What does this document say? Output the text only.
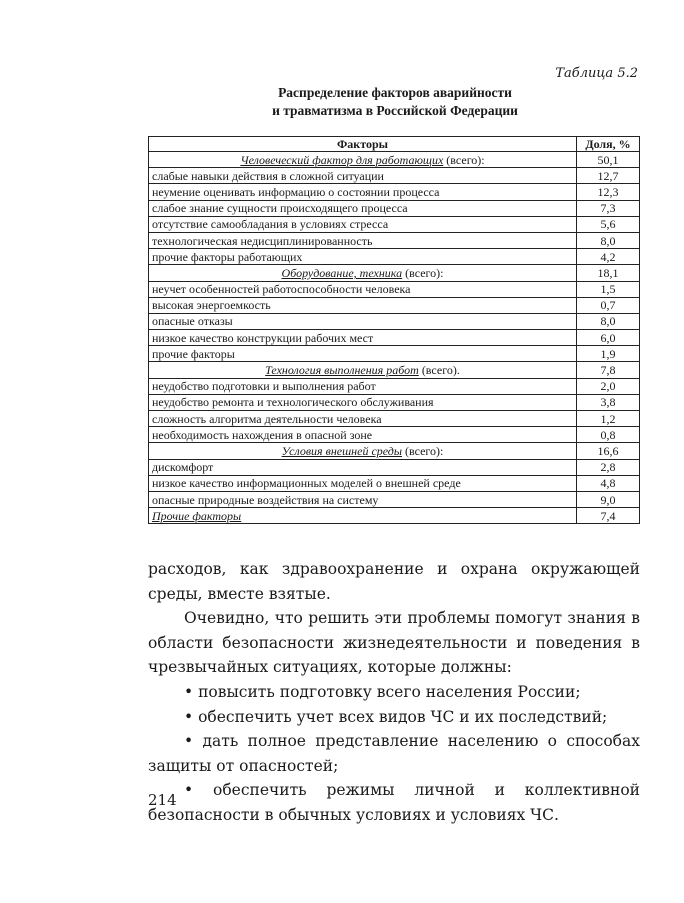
Таблица 5.2
Распределение факторов аварийности
и травматизма в Российской Федерации
Факторы	Доля, %
Человеческий фактор для работающих (всего):	50,1
слабые навыки действия в сложной ситуации	12,7
неумение оценивать информацию о состоянии процесса	12,3
слабое знание сущности происходящего процесса	7,3
отсутствие самообладания в условиях стресса	5,6
технологическая недисциплинированность	8,0
прочие факторы работающих	4,2
Оборудование, техника (всего):	18,1
неучет особенностей работоспособности человека	1,5
высокая энергоемкость	0,7
опасные отказы	8,0
низкое качество конструкции рабочих мест	6,0
прочие факторы	1,9
Технология выполнения работ (всего).	7,8
неудобство подготовки и выполнения работ	2,0
неудобство ремонта и технологического обслуживания	3,8
сложность алгоритма деятельности человека	1,2
необходимость нахождения в опасной зоне	0,8
Условия внешней среды (всего):	16,6
дискомфорт	2,8
низкое качество информационных моделей о внешней среде	4,8
опасные природные воздействия на систему	9,0
Прочие факторы	7,4

расходов, как здравоохранение и охрана окружающей среды, вместе взятые.

Очевидно, что решить эти проблемы помогут знания в области безопасности жизнедеятельности и поведения в чрезвычайных ситуациях, которые должны:

• повысить подготовку всего населения России;

• обеспечить учет всех видов ЧС и их последствий;

• дать полное представление населению о способах защиты от опасностей;

• обеспечить режимы личной и коллективной безопасности в обычных условиях и условиях ЧС.

214
